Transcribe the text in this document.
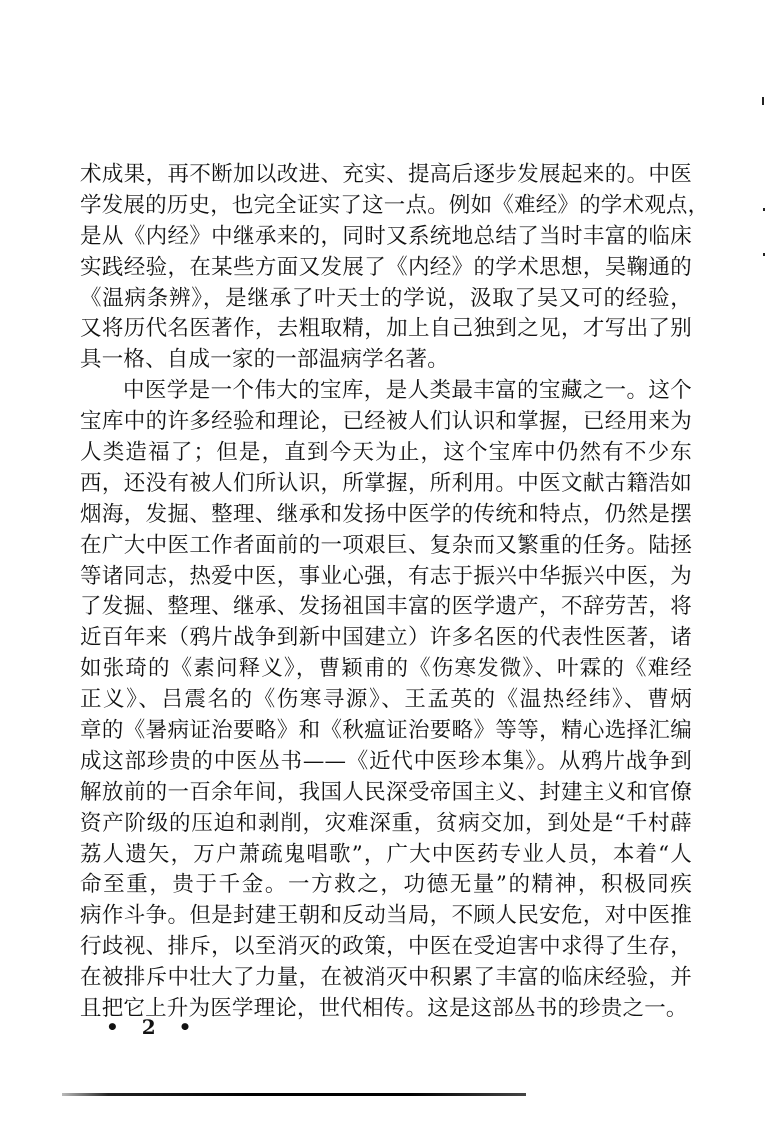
术成果，再不断加以改进、充实、提高后逐步发展起来的。中医
学发展的历史，也完全证实了这一点。例如《难经》的学术观点，
是从《内经》中继承来的，同时又系统地总结了当时丰富的临床
实践经验，在某些方面又发展了《内经》的学术思想，吴鞠通的
《温病条辨》，是继承了叶天士的学说，汲取了吴又可的经验，
又将历代名医著作，去粗取精，加上自己独到之见，才写出了别
具一格、自成一家的一部温病学名著。
中医学是一个伟大的宝库，是人类最丰富的宝藏之一。这个
宝库中的许多经验和理论，已经被人们认识和掌握，已经用来为
人类造福了；但是，直到今天为止，这个宝库中仍然有不少东
西，还没有被人们所认识，所掌握，所利用。中医文献古籍浩如
烟海，发掘、整理、继承和发扬中医学的传统和特点，仍然是摆
在广大中医工作者面前的一项艰巨、复杂而又繁重的任务。陆拯
等诸同志，热爱中医，事业心强，有志于振兴中华振兴中医，为
了发掘、整理、继承、发扬祖国丰富的医学遗产，不辞劳苦，将
近百年来（鸦片战争到新中国建立）许多名医的代表性医著，诸
如张琦的《素问释义》，曹颖甫的《伤寒发微》、叶霖的《难经
正义》、吕震名的《伤寒寻源》、王孟英的《温热经纬》、曹炳
章的《暑病证治要略》和《秋瘟证治要略》等等，精心选择汇编
成这部珍贵的中医丛书——《近代中医珍本集》。从鸦片战争到
解放前的一百余年间，我国人民深受帝国主义、封建主义和官僚
资产阶级的压迫和剥削，灾难深重，贫病交加，到处是“千村薜
荔人遗矢，万户萧疏鬼唱歌”，广大中医药专业人员，本着“人
命至重，贵于千金。一方救之，功德无量”的精神，积极同疾
病作斗争。但是封建王朝和反动当局，不顾人民安危，对中医推
行歧视、排斥，以至消灭的政策，中医在受迫害中求得了生存，
在被排斥中壮大了力量，在被消灭中积累了丰富的临床经验，并
且把它上升为医学理论，世代相传。这是这部丛书的珍贵之一。
• 2 •
